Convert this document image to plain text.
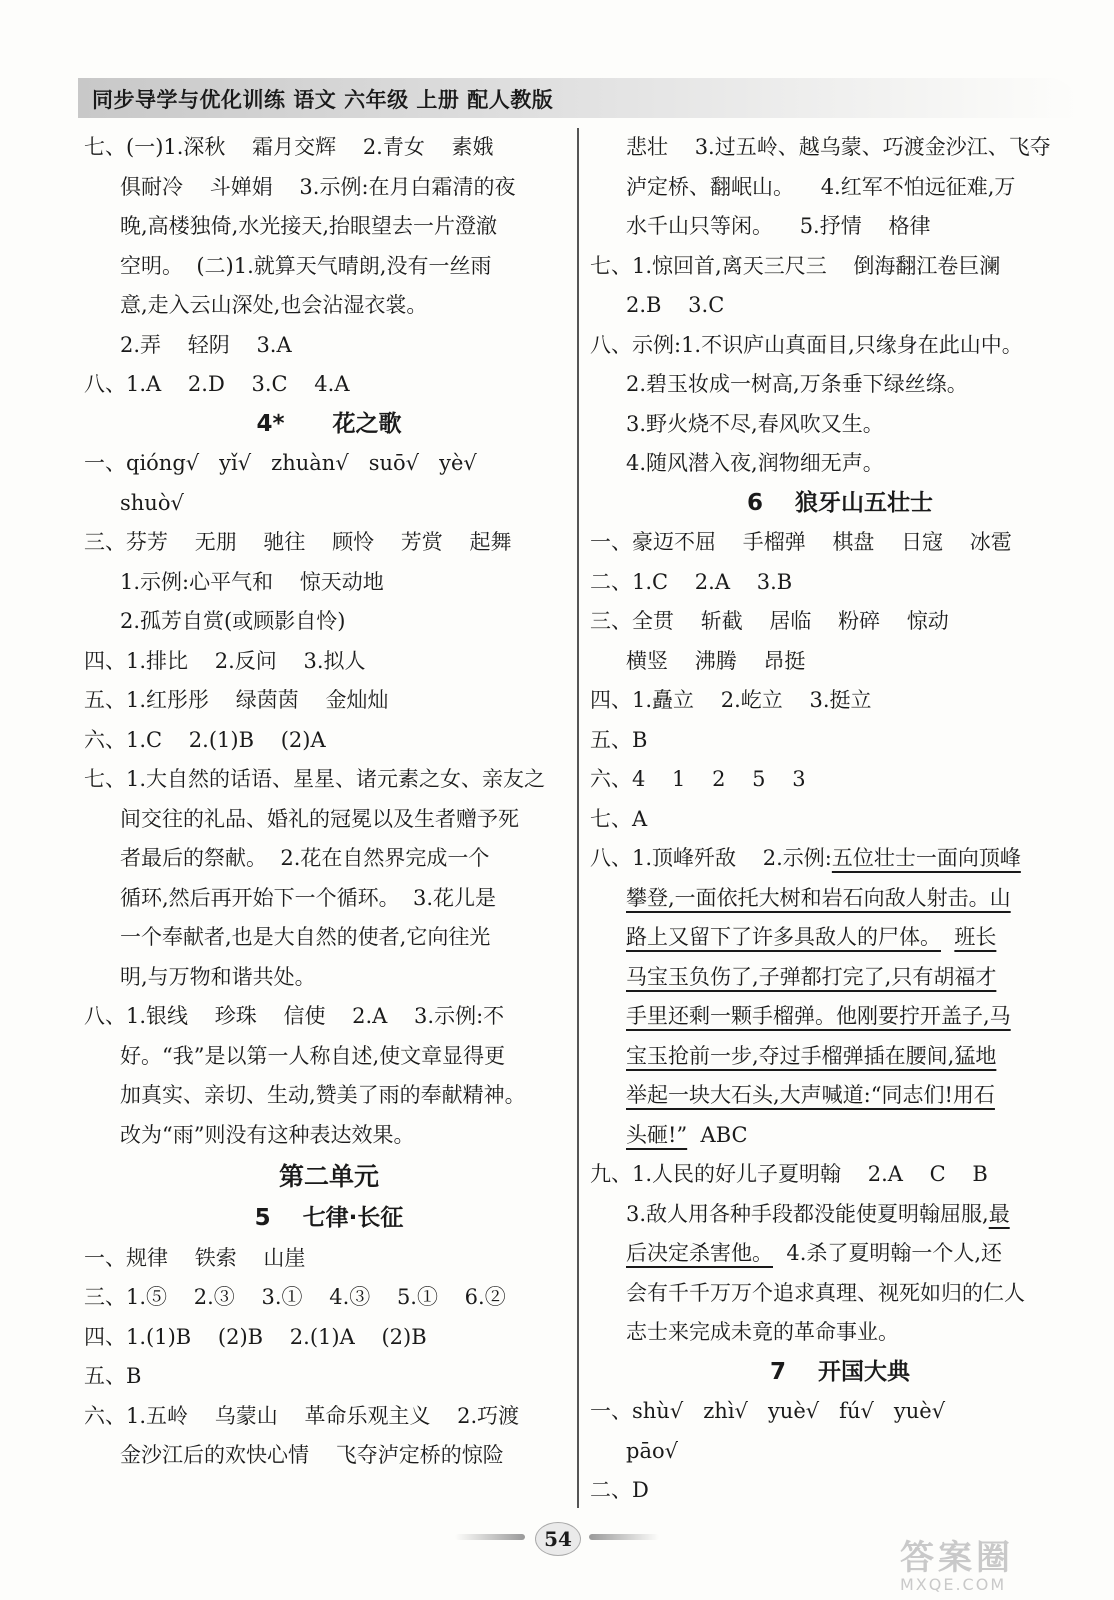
同步导学与优化训练 语文 六年级 上册 配人教版
七、(一)1.深秋    霜月交辉    2.青女    素娥
俱耐冷    斗婵娟    3.示例:在月白霜清的夜
晚,高楼独倚,水光接天,抬眼望去一片澄澈
空明。  (二)1.就算天气晴朗,没有一丝雨
意,走入云山深处,也会沾湿衣裳。
2.弄    轻阴    3.A
八、1.A    2.D    3.C    4.A
4*      花之歌
一、qióng√   yǐ√   zhuàn√   suō√   yè√
shuò√
三、芬芳    无朋    驰往    顾怜    芳赏    起舞
1.示例:心平气和    惊天动地
2.孤芳自赏(或顾影自怜)
四、1.排比    2.反问    3.拟人
五、1.红彤彤    绿茵茵    金灿灿
六、1.C    2.(1)B    (2)A
七、1.大自然的话语、星星、诸元素之女、亲友之
间交往的礼品、婚礼的冠冕以及生者赠予死
者最后的祭献。  2.花在自然界完成一个
循环,然后再开始下一个循环。  3.花儿是
一个奉献者,也是大自然的使者,它向往光
明,与万物和谐共处。
八、1.银线    珍珠    信使    2.A    3.示例:不
好。“我”是以第一人称自述,使文章显得更
加真实、亲切、生动,赞美了雨的奉献精神。
改为“雨”则没有这种表达效果。
第二单元
5    七律·长征
一、规律    铁索    山崖
三、1.⑤    2.③    3.①    4.③    5.①    6.②
四、1.(1)B    (2)B    2.(1)A    (2)B
五、B
六、1.五岭    乌蒙山    革命乐观主义    2.巧渡
金沙江后的欢快心情    飞夺泸定桥的惊险
悲壮    3.过五岭、越乌蒙、巧渡金沙江、飞夺
泸定桥、翻岷山。    4.红军不怕远征难,万
水千山只等闲。    5.抒情    格律
七、1.惊回首,离天三尺三    倒海翻江卷巨澜
2.B    3.C
八、示例:1.不识庐山真面目,只缘身在此山中。
2.碧玉妆成一树高,万条垂下绿丝绦。
3.野火烧不尽,春风吹又生。
4.随风潜入夜,润物细无声。
6    狼牙山五壮士
一、豪迈不屈    手榴弹    棋盘    日寇    冰雹
二、1.C    2.A    3.B
三、全贯    斩截    居临    粉碎    惊动
横竖    沸腾    昂挺
四、1.矗立    2.屹立    3.挺立
五、B
六、4    1    2    5    3
七、A
八、1.顶峰歼敌    2.示例:五位壮士一面向顶峰
攀登,一面依托大树和岩石向敌人射击。山
路上又留下了许多具敌人的尸体。 班长
马宝玉负伤了,子弹都打完了,只有胡福才
手里还剩一颗手榴弹。他刚要拧开盖子,马
宝玉抢前一步,夺过手榴弹插在腰间,猛地
举起一块大石头,大声喊道:“同志们!用石
头砸!”  ABC
九、1.人民的好儿子夏明翰    2.A    C    B
3.敌人用各种手段都没能使夏明翰屈服,最
后决定杀害他。  4.杀了夏明翰一个人,还
会有千千万万个追求真理、视死如归的仁人
志士来完成未竟的革命事业。
7    开国大典
一、shù√   zhì√   yuè√   fú√   yuè√
pāo√
二、D
54	答案圈
MXQE.COM
